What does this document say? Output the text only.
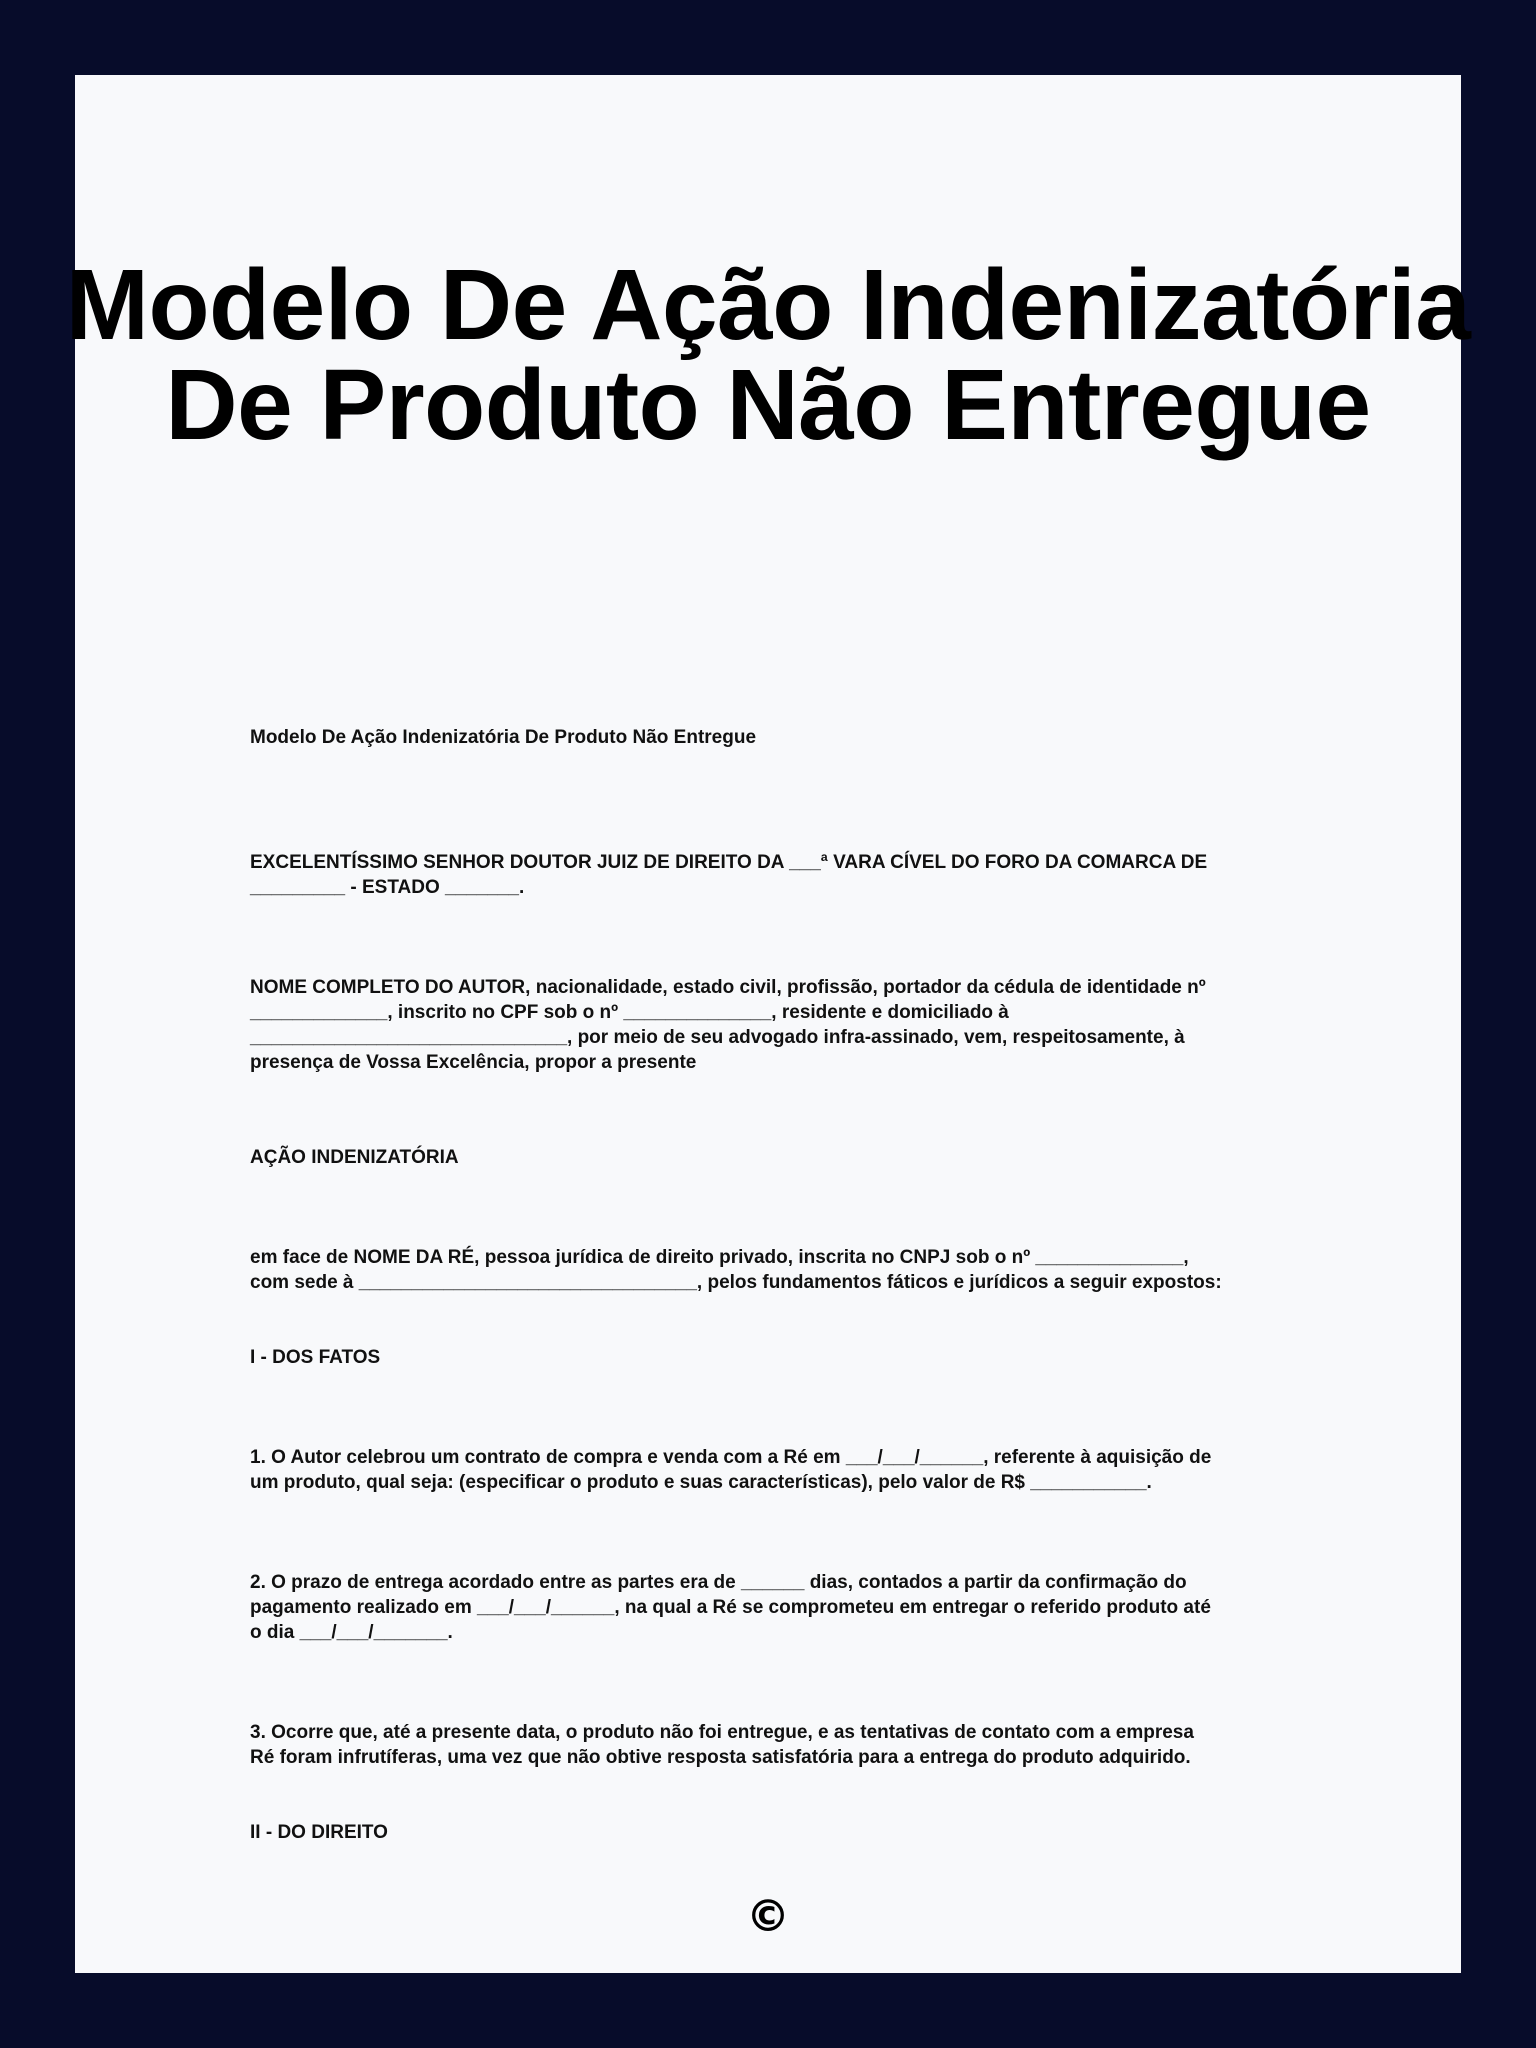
Modelo De Ação Indenizatória De Produto Não Entregue

Modelo De Ação Indenizatória De Produto Não Entregue

EXCELENTÍSSIMO SENHOR DOUTOR JUIZ DE DIREITO DA ___ª VARA CÍVEL DO FORO DA COMARCA DE
_________ - ESTADO _______.

NOME COMPLETO DO AUTOR, nacionalidade, estado civil, profissão, portador da cédula de identidade nº
_____________, inscrito no CPF sob o nº ______________, residente e domiciliado à
______________________________, por meio de seu advogado infra-assinado, vem, respeitosamente, à
presença de Vossa Excelência, propor a presente

AÇÃO INDENIZATÓRIA

em face de NOME DA RÉ, pessoa jurídica de direito privado, inscrita no CNPJ sob o nº ______________,
com sede à ________________________________, pelos fundamentos fáticos e jurídicos a seguir expostos:

I - DOS FATOS

1. O Autor celebrou um contrato de compra e venda com a Ré em ___/___/______, referente à aquisição de
um produto, qual seja: (especificar o produto e suas características), pelo valor de R$ ___________.

2. O prazo de entrega acordado entre as partes era de ______ dias, contados a partir da confirmação do
pagamento realizado em ___/___/______, na qual a Ré se comprometeu em entregar o referido produto até
o dia ___/___/_______.

3. Ocorre que, até a presente data, o produto não foi entregue, e as tentativas de contato com a empresa
Ré foram infrutíferas, uma vez que não obtive resposta satisfatória para a entrega do produto adquirido.

II - DO DIREITO

©
